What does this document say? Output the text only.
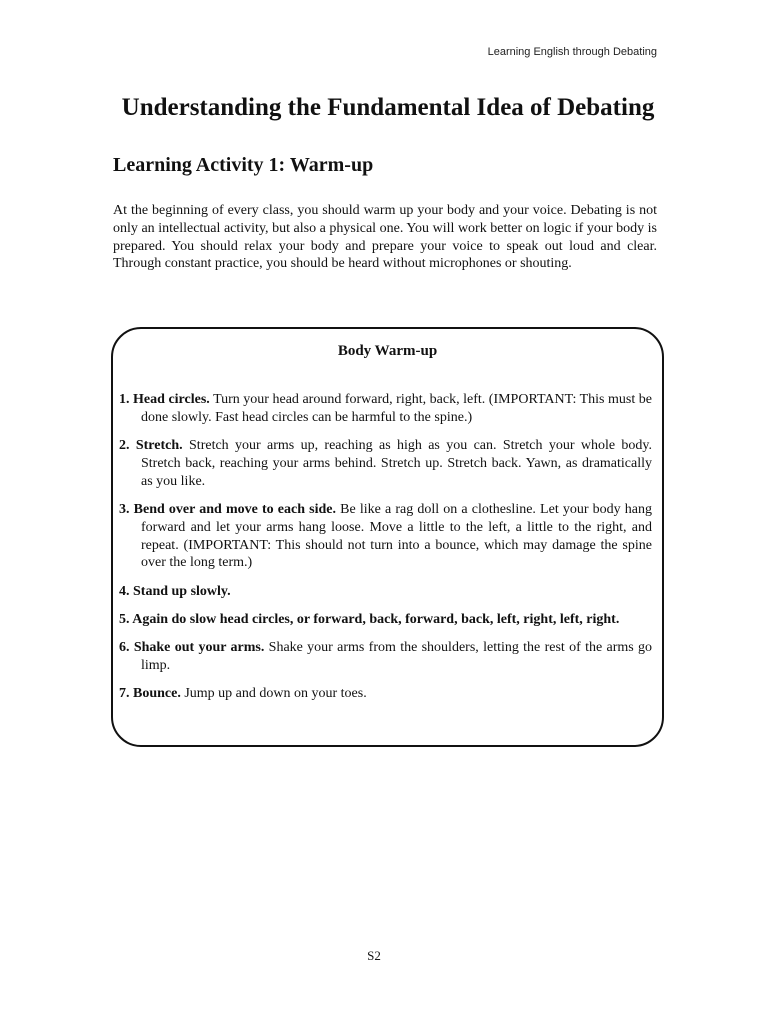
Learning English through Debating
Understanding the Fundamental Idea of Debating
Learning Activity 1: Warm-up

At the beginning of every class, you should warm up your body and your voice. Debating is not only an intellectual activity, but also a physical one. You will work better on logic if your body is prepared. You should relax your body and prepare your voice to speak out loud and clear. Through constant practice, you should be heard without microphones or shouting.

Body Warm-up
1. Head circles. Turn your head around forward, right, back, left. (IMPORTANT: This must be done slowly. Fast head circles can be harmful to the spine.)
2. Stretch. Stretch your arms up, reaching as high as you can. Stretch your whole body. Stretch back, reaching your arms behind. Stretch up. Stretch back. Yawn, as dramatically as you like.
3. Bend over and move to each side. Be like a rag doll on a clothesline. Let your body hang forward and let your arms hang loose. Move a little to the left, a little to the right, and repeat. (IMPORTANT: This should not turn into a bounce, which may damage the spine over the long term.)
4. Stand up slowly.
5. Again do slow head circles, or forward, back, forward, back, left, right, left, right.
6. Shake out your arms. Shake your arms from the shoulders, letting the rest of the arms go limp.
7. Bounce. Jump up and down on your toes.
S2
